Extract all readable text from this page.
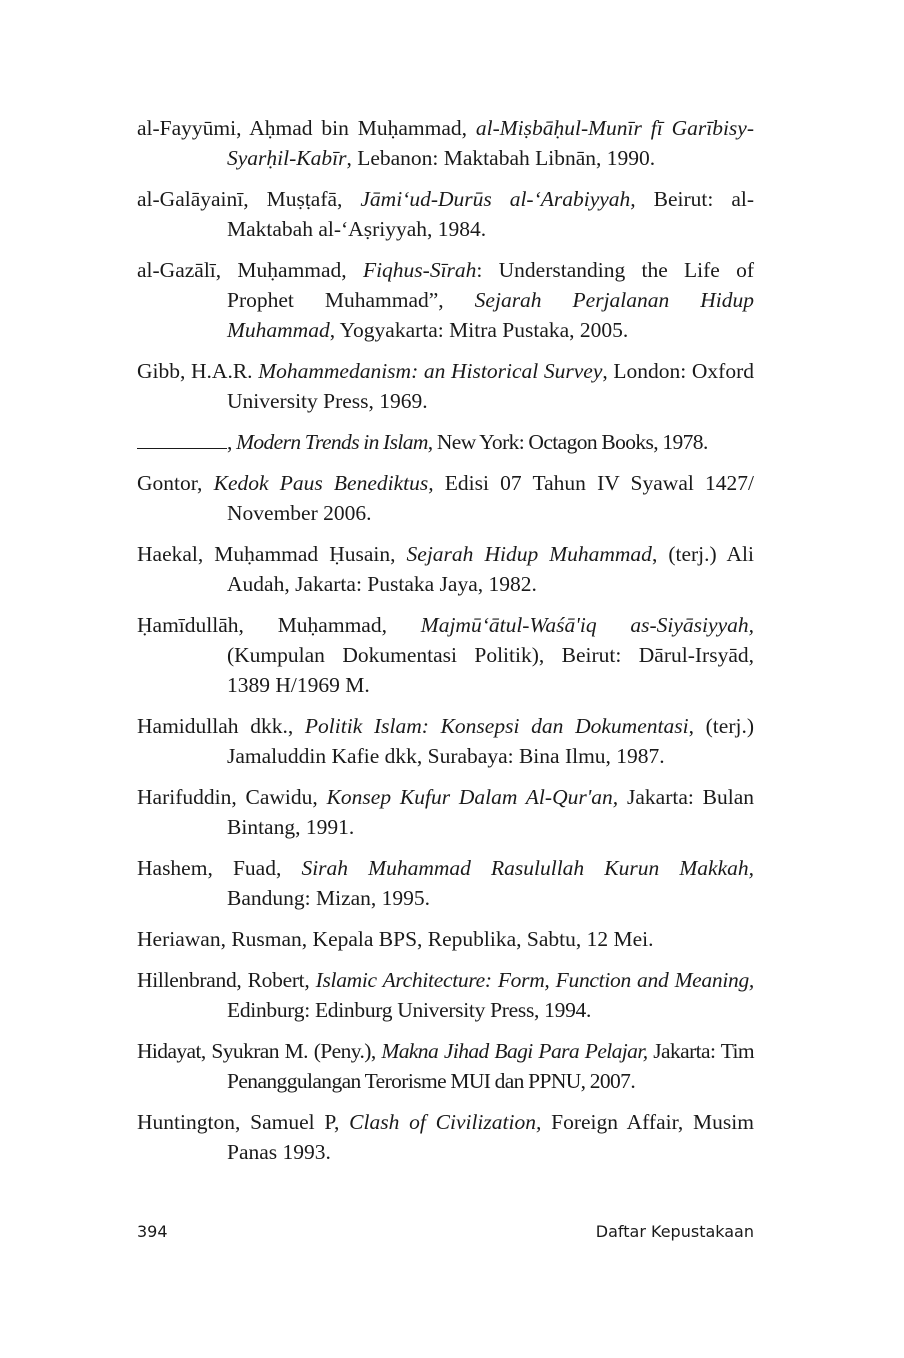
al-Fayyūmi, Aḥmad bin Muḥammad, al-Miṣbāḥul-Munīr fī Garībisy-Syarḥil-Kabīr, Lebanon: Maktabah Libnān, 1990.

al-Galāyainī, Muṣṭafā, Jāmi‘ud-Durūs al-‘Arabiyyah, Beirut: al-Maktabah al-‘Aṣriyyah, 1984.

al-Gazālī, Muḥammad, Fiqhus-Sīrah: Understanding the Life of Prophet Muhammad”, Sejarah Perjalanan Hidup Muhammad, Yogyakarta: Mitra Pustaka, 2005.

Gibb, H.A.R. Mohammedanism: an Historical Survey, London: Oxford University Press, 1969.

, Modern Trends in Islam, New York: Octagon Books, 1978.

Gontor, Kedok Paus Benediktus, Edisi 07 Tahun IV Syawal 1427/ November 2006.

Haekal, Muḥammad Ḥusain, Sejarah Hidup Muhammad, (terj.) Ali Audah, Jakarta: Pustaka Jaya, 1982.

Ḥamīdullāh, Muḥammad, Majmū‘ātul-Waśā'iq as-Siyāsiyyah, (Kumpulan Dokumentasi Politik), Beirut: Dārul-Irsyād, 1389 H/1969 M.

Hamidullah dkk., Politik Islam: Konsepsi dan Dokumentasi, (terj.) Jamaluddin Kafie dkk, Surabaya: Bina Ilmu, 1987.

Harifuddin, Cawidu, Konsep Kufur Dalam Al-Qur'an, Jakarta: Bulan Bintang, 1991.

Hashem, Fuad, Sirah Muhammad Rasulullah Kurun Makkah, Bandung: Mizan, 1995.

Heriawan, Rusman, Kepala BPS, Republika, Sabtu, 12 Mei.

Hillenbrand, Robert, Islamic Architecture: Form, Function and Meaning, Edinburg: Edinburg University Press, 1994.

Hidayat, Syukran M. (Peny.), Makna Jihad Bagi Para Pelajar, Jakarta: Tim Penanggulangan Terorisme MUI dan PPNU, 2007.

Huntington, Samuel P, Clash of Civilization, Foreign Affair, Musim Panas 1993.

394	Daftar Kepustakaan
